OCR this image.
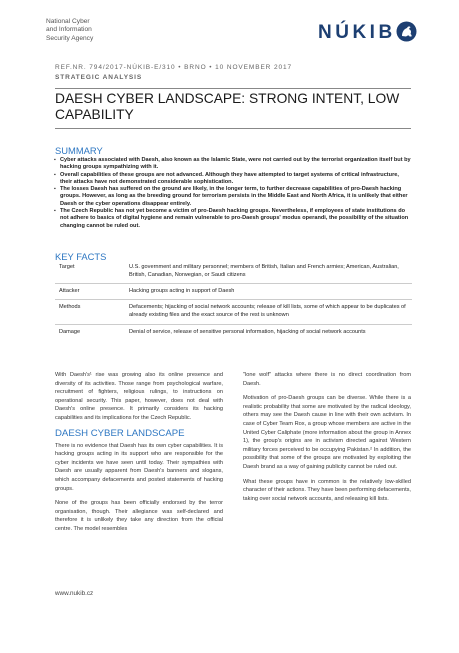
National Cyber
and Information
Security Agency	NÚKIB
REF.NR. 794/2017-NÚKIB-E/310 • BRNO • 10 NOVEMBER 2017
STRATEGIC ANALYSIS
DAESH CYBER LANDSCAPE: STRONG INTENT, LOW CAPABILITY
SUMMARY
▪ Cyber attacks associated with Daesh, also known as the Islamic State, were not carried out by the terrorist organization itself but by hacking groups sympathizing with it.
▪ Overall capabilities of these groups are not advanced. Although they have attempted to target systems of critical infrastructure, their attacks have not demonstrated considerable sophistication.
▪ The losses Daesh has suffered on the ground are likely, in the longer term, to further decrease capabilities of pro-Daesh hacking groups. However, as long as the breeding ground for terrorism persists in the Middle East and North Africa, it is unlikely that either Daesh or the cyber operations disappear entirely.
▪ The Czech Republic has not yet become a victim of pro-Daesh hacking groups. Nevertheless, if employees of state institutions do not adhere to basics of digital hygiene and remain vulnerable to pro-Daesh groups' modus operandi, the possibility of the situation changing cannot be ruled out.
KEY FACTS
Target	U.S. government and military personnel; members of British, Italian and French armies; American, Australian, British, Canadian, Norwegian, or Saudi citizens
Attacker	Hacking groups acting in support of Daesh
Methods	Defacements; hijacking of social network accounts; release of kill lists, some of which appear to be duplicates of already existing files and the exact source of the rest is unknown
Damage	Denial of service, release of sensitive personal information, hijacking of social network accounts

With Daesh's¹ rise was growing also its online presence and diversity of its activities. Those range from psychological warfare, recruitment of fighters, religious rulings, to instructions on operational security. This paper, however, does not deal with Daesh's online presence. It primarily considers its hacking capabilities and its implications for the Czech Republic.

DAESH CYBER LANDSCAPE

There is no evidence that Daesh has its own cyber capabilities. It is hacking groups acting in its support who are responsible for the cyber incidents we have seen until today. Their sympathies with Daesh are usually apparent from Daesh's banners and slogans, which accompany defacements and posted statements of hacking groups.

None of the groups has been officially endorsed by the terror organisation, though. Their allegiance was self-declared and therefore it is unlikely they take any direction from the official centre. The model resembles

"lone wolf" attacks where there is no direct coordination from Daesh.

Motivation of pro-Daesh groups can be diverse. While there is a realistic probability that some are motivated by the radical ideology, others may see the Daesh cause in line with their own activism. In case of Cyber Team Rox, a group whose members are active in the United Cyber Caliphate (more information about the group in Annex 1), the group's origins are in activism directed against Western military forces perceived to be occupying Pakistan.² In addition, the possibility that some of the groups are motivated by exploiting the Daesh brand as a way of gaining publicity cannot be ruled out.

What these groups have in common is the relatively low-skilled character of their actions. They have been performing defacements, taking over social network accounts, and releasing kill lists.

www.nukib.cz
